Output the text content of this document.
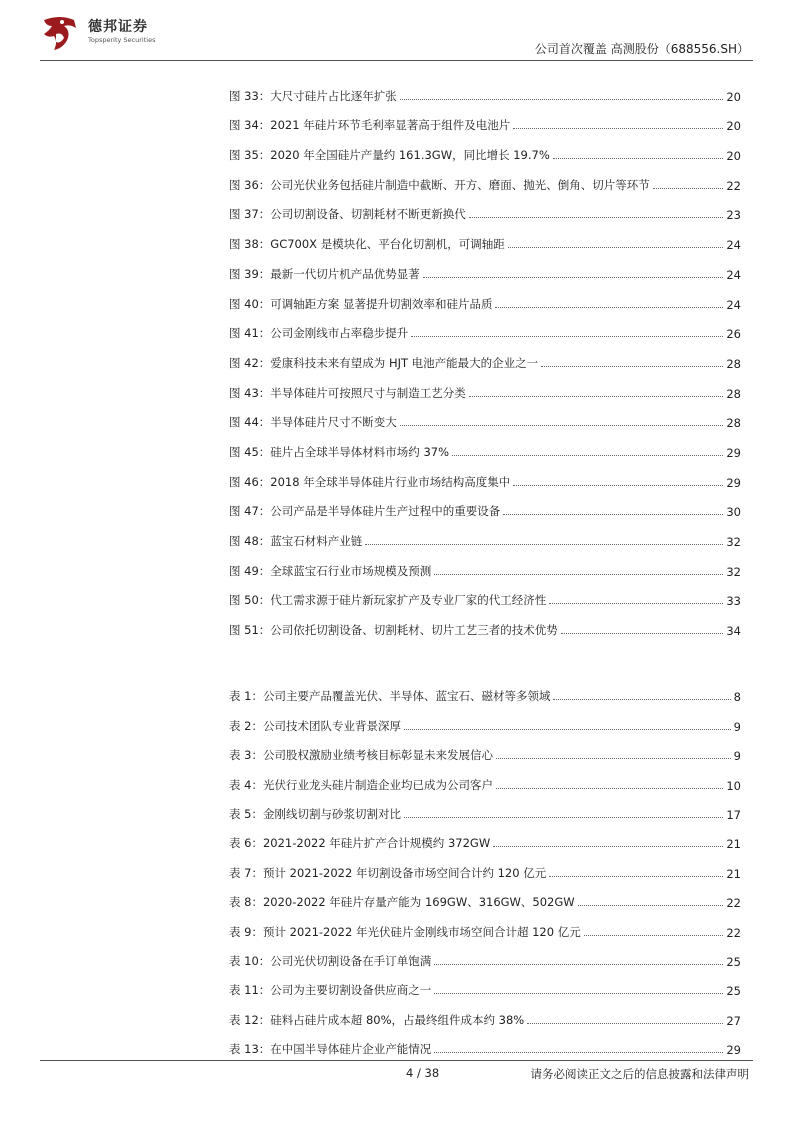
德邦证券
Topsperity Securities
公司首次覆盖 高测股份（688556.SH）
图 33：大尺寸硅片占比逐年扩张	20
图 34：2021 年硅片环节毛利率显著高于组件及电池片	20
图 35：2020 年全国硅片产量约 161.3GW，同比增长 19.7%	20
图 36：公司光伏业务包括硅片制造中截断、开方、磨面、抛光、倒角、切片等环节	22
图 37：公司切割设备、切割耗材不断更新换代	23
图 38：GC700X 是模块化、平台化切割机，可调轴距	24
图 39：最新一代切片机产品优势显著	24
图 40：可调轴距方案 显著提升切割效率和硅片品质	24
图 41：公司金刚线市占率稳步提升	26
图 42：爱康科技未来有望成为 HJT 电池产能最大的企业之一	28
图 43：半导体硅片可按照尺寸与制造工艺分类	28
图 44：半导体硅片尺寸不断变大	28
图 45：硅片占全球半导体材料市场约 37%	29
图 46：2018 年全球半导体硅片行业市场结构高度集中	29
图 47：公司产品是半导体硅片生产过程中的重要设备	30
图 48：蓝宝石材料产业链	32
图 49：全球蓝宝石行业市场规模及预测	32
图 50：代工需求源于硅片新玩家扩产及专业厂家的代工经济性	33
图 51：公司依托切割设备、切割耗材、切片工艺三者的技术优势	34
表 1：公司主要产品覆盖光伏、半导体、蓝宝石、磁材等多领域	8
表 2：公司技术团队专业背景深厚	9
表 3：公司股权激励业绩考核目标彰显未来发展信心	9
表 4：光伏行业龙头硅片制造企业均已成为公司客户	10
表 5：金刚线切割与砂浆切割对比	17
表 6：2021-2022 年硅片扩产合计规模约 372GW	21
表 7：预计 2021-2022 年切割设备市场空间合计约 120 亿元	21
表 8：2020-2022 年硅片存量产能为 169GW、316GW、502GW	22
表 9：预计 2021-2022 年光伏硅片金刚线市场空间合计超 120 亿元	22
表 10：公司光伏切割设备在手订单饱满	25
表 11：公司为主要切割设备供应商之一	25
表 12：硅料占硅片成本超 80%，占最终组件成本约 38%	27
表 13：在中国半导体硅片企业产能情况	29
4 / 38	请务必阅读正文之后的信息披露和法律声明
